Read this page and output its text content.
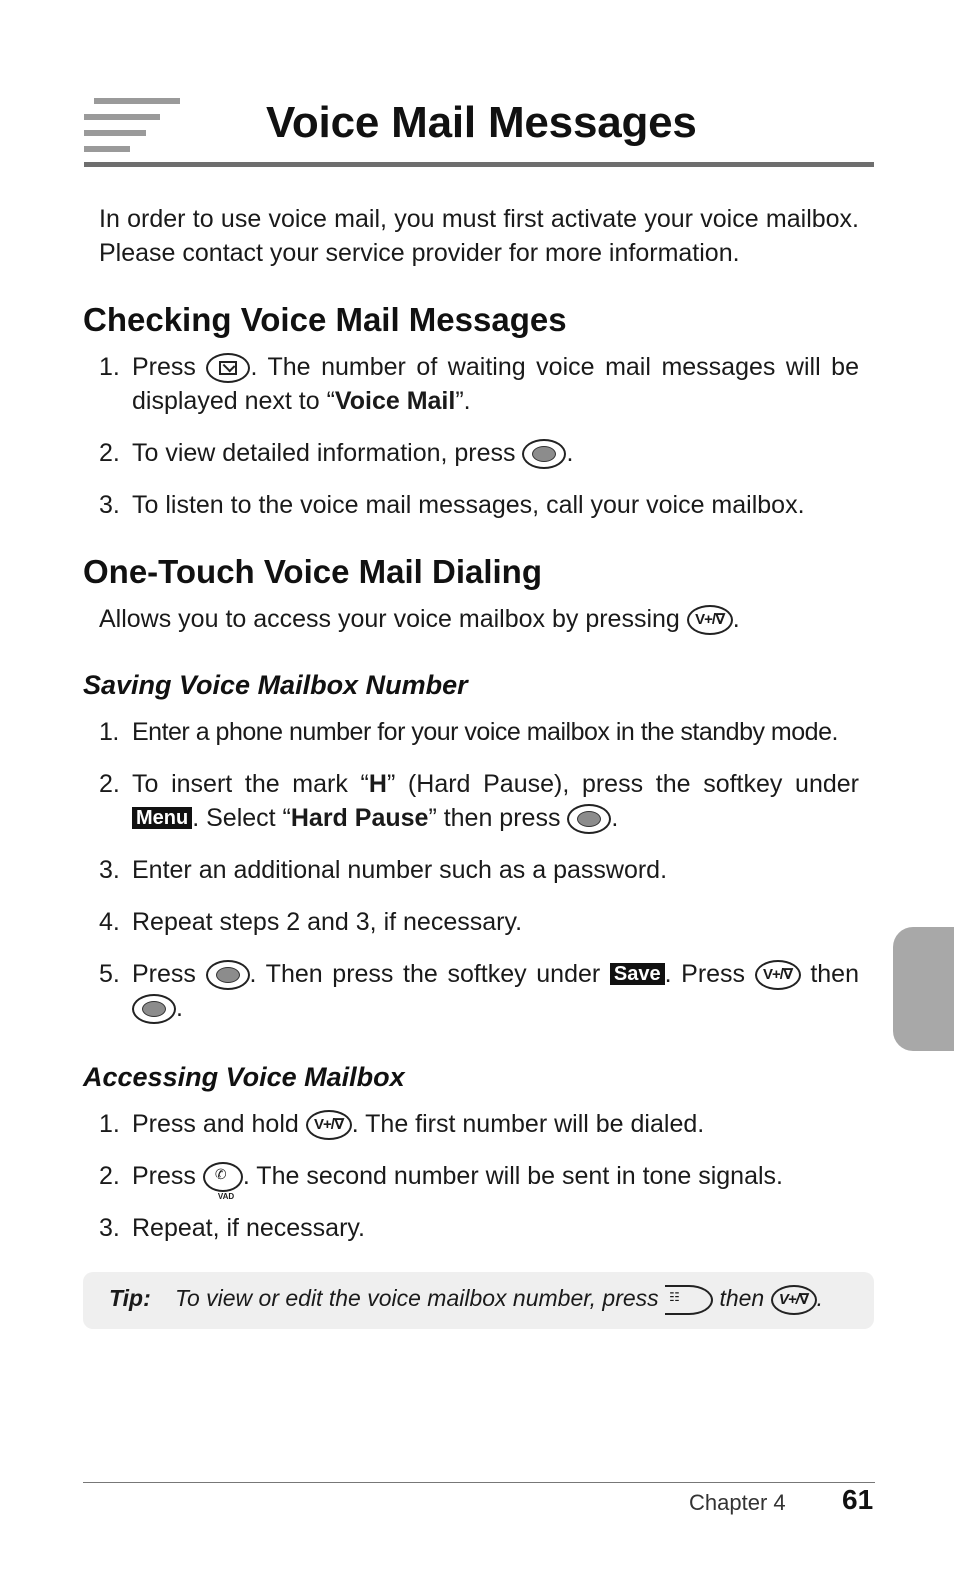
Voice Mail Messages

In order to use voice mail, you must first activate your voice mailbox. Please contact your service provider for more information.

Checking Voice Mail Messages
1. Press
. The number of waiting voice mail messages will be displayed next to “Voice Mail”.
2. To view detailed information, press
.
3. To listen to the voice mail messages, call your voice mailbox.
One-Touch Voice Mail Dialing

Allows you to access your voice mailbox by pressing V+/∇ .

Saving Voice Mailbox Number
1. Enter a phone number for your voice mailbox in the standby mode.
2. To insert the mark “H” (Hard Pause), press the softkey under Menu . Select “Hard Pause” then press
.
3. Enter an additional number such as a password.
4. Repeat steps 2 and 3, if necessary.
5. Press
. Then press the softkey under Save . Press V+/∇ then
.
Accessing Voice Mailbox
1. Press and hold V+/∇ . The first number will be dialed.
2. Press ✆
VAD
. The second number will be sent in tone signals.
3. Repeat, if necessary.
Tip: To view or edit the voice mailbox number, press ☷ then V+/∇ .
Chapter 4 61
